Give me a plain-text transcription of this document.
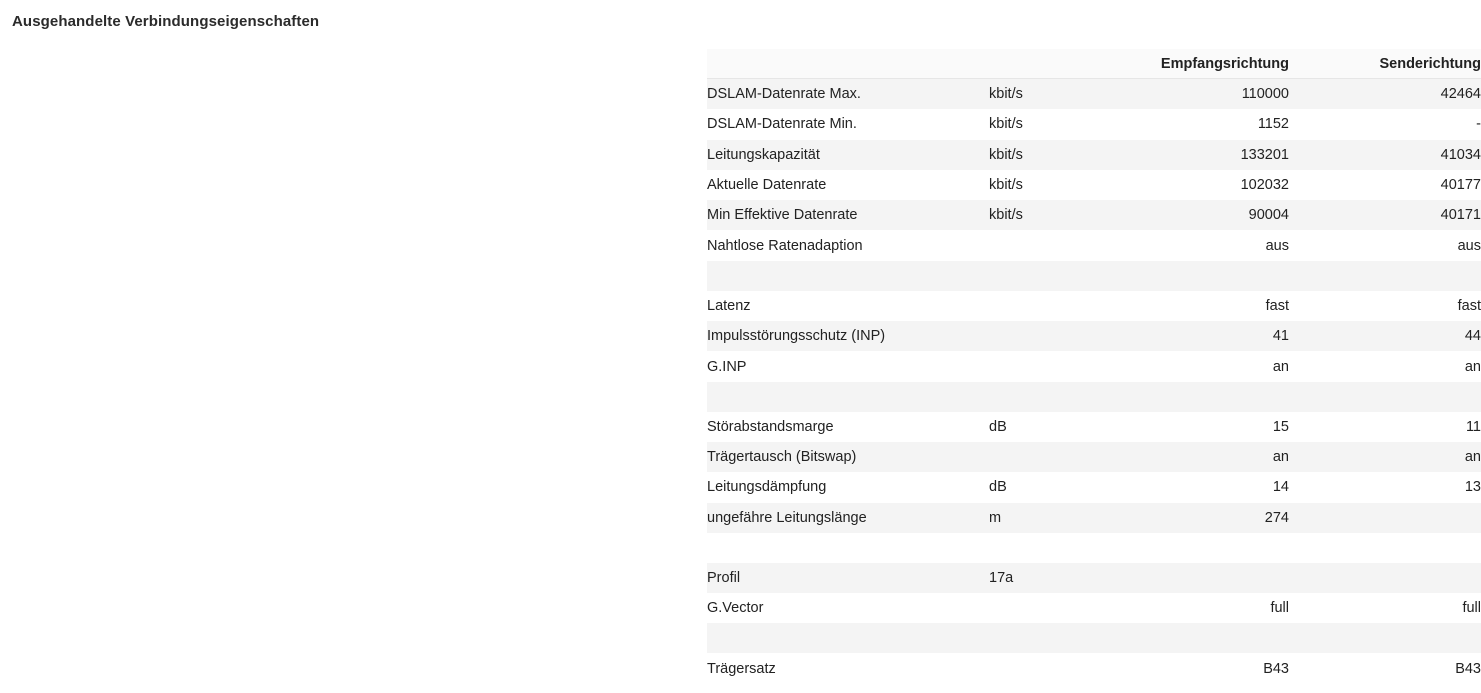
Ausgehandelte Verbindungseigenschaften
		Empfangsrichtung	Senderichtung
DSLAM-Datenrate Max.	kbit/s	110000	42464
DSLAM-Datenrate Min.	kbit/s	1152	-
Leitungskapazität	kbit/s	133201	41034
Aktuelle Datenrate	kbit/s	102032	40177
Min Effektive Datenrate	kbit/s	90004	40171
Nahtlose Ratenadaption		aus	aus

Latenz		fast	fast
Impulsstörungsschutz (INP)		41	44
G.INP		an	an

Störabstandsmarge	dB	15	11
Trägertausch (Bitswap)		an	an
Leitungsdämpfung	dB	14	13
ungefähre Leitungslänge	m	274	

Profil	17a		
G.Vector		full	full

Trägersatz		B43	B43
